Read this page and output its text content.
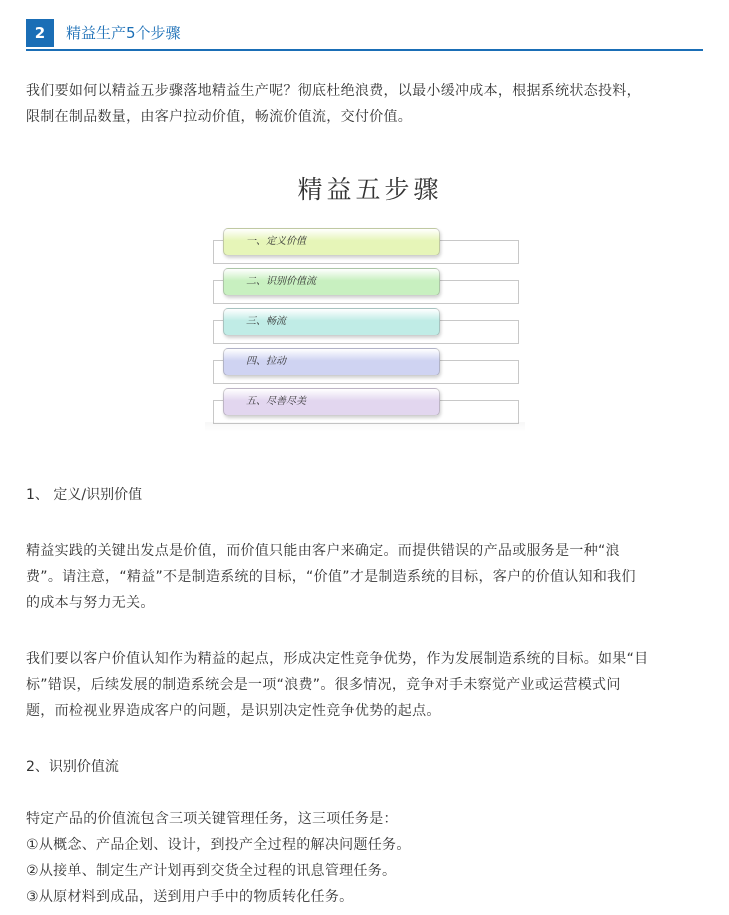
2	精益生产5个步骤

我们要如何以精益五步骤落地精益生产呢？彻底杜绝浪费，以最小缓冲成本，根据系统状态投料，
限制在制品数量，由客户拉动价值，畅流价值流，交付价值。

精益五步骤
一、定义价值
二、识别价值流
三、畅流
四、拉动
五、尽善尽美

1、 定义/识别价值

精益实践的关键出发点是价值，而价值只能由客户来确定。而提供错误的产品或服务是一种“浪
费”。请注意，“精益”不是制造系统的目标，“价值”才是制造系统的目标，客户的价值认知和我们
的成本与努力无关。

我们要以客户价值认知作为精益的起点，形成决定性竞争优势，作为发展制造系统的目标。如果“目
标”错误，后续发展的制造系统会是一项“浪费”。很多情况，竞争对手未察觉产业或运营模式问
题，而检视业界造成客户的问题，是识别决定性竞争优势的起点。

2、识别价值流

特定产品的价值流包含三项关键管理任务，这三项任务是：
①从概念、产品企划、设计，到投产全过程的解决问题任务。
②从接单、制定生产计划再到交货全过程的讯息管理任务。
③从原材料到成品，送到用户手中的物质转化任务。
